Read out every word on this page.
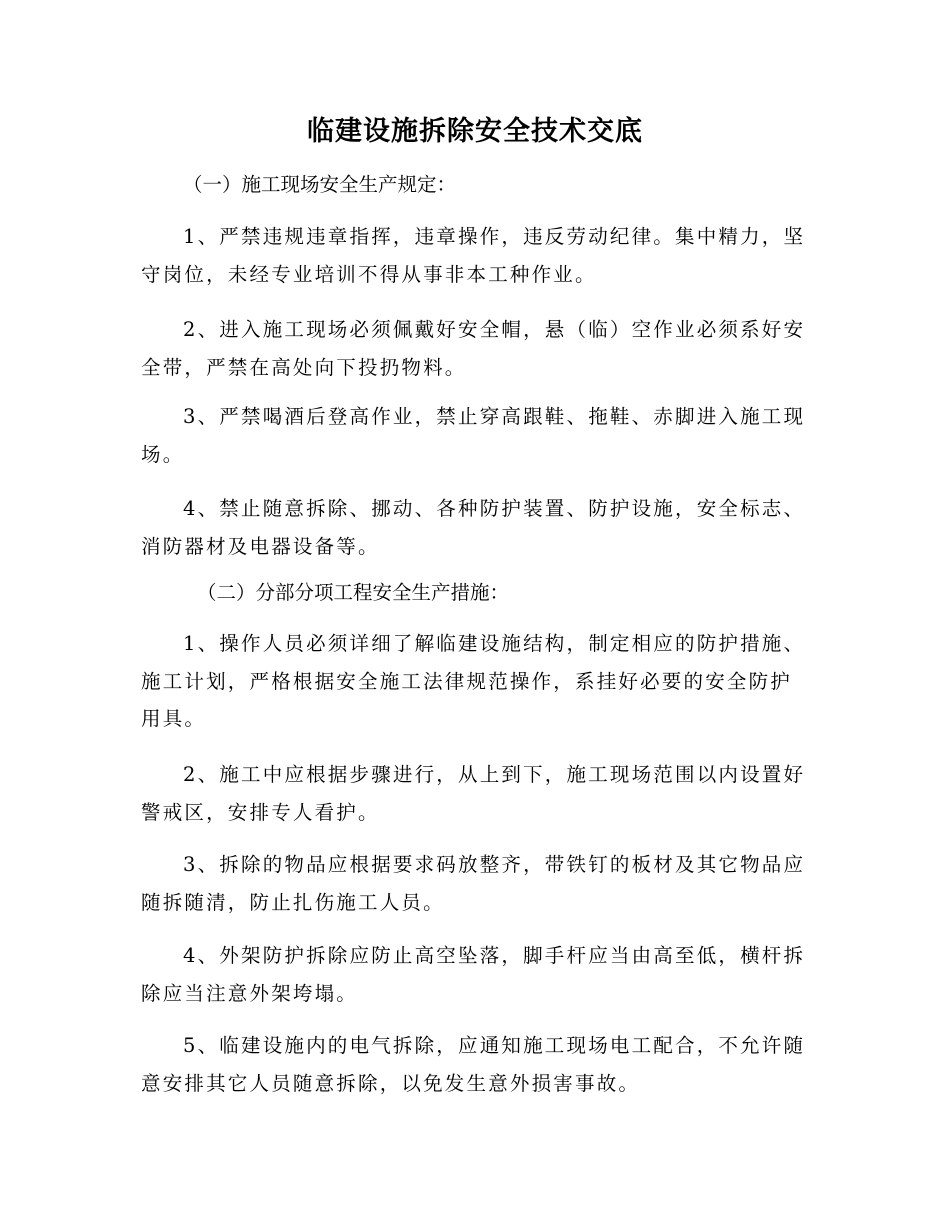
临建设施拆除安全技术交底

（一）施工现场安全生产规定：

1、严禁违规违章指挥，违章操作，违反劳动纪律。集中精力，坚守岗位，未经专业培训不得从事非本工种作业。

2、进入施工现场必须佩戴好安全帽，悬（临）空作业必须系好安全带，严禁在高处向下投扔物料。

3、严禁喝酒后登高作业，禁止穿高跟鞋、拖鞋、赤脚进入施工现场。

4、禁止随意拆除、挪动、各种防护装置、防护设施，安全标志、消防器材及电器设备等。

（二）分部分项工程安全生产措施：

1、操作人员必须详细了解临建设施结构，制定相应的防护措施、施工计划，严格根据安全施工法律规范操作，系挂好必要的安全防护用具。

2、施工中应根据步骤进行，从上到下，施工现场范围以内设置好警戒区，安排专人看护。

3、拆除的物品应根据要求码放整齐，带铁钉的板材及其它物品应随拆随清，防止扎伤施工人员。

4、外架防护拆除应防止高空坠落，脚手杆应当由高至低，横杆拆除应当注意外架垮塌。

5、临建设施内的电气拆除，应通知施工现场电工配合，不允许随意安排其它人员随意拆除，以免发生意外损害事故。
